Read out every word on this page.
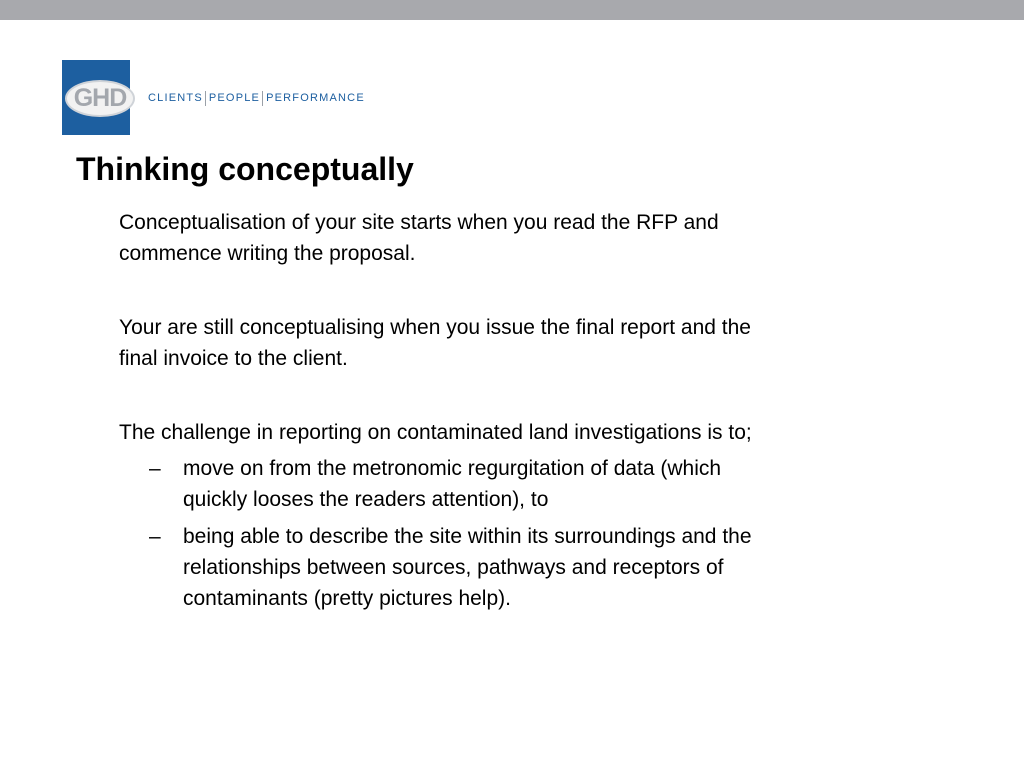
GHD	CLIENTS PEOPLE PERFORMANCE
Thinking conceptually

Conceptualisation of your site starts when you read the RFP and commence writing the proposal.

Your are still conceptualising when you issue the final report and the final invoice to the client.

The challenge in reporting on contaminated land investigations is to;

– move on from the metronomic regurgitation of data (which quickly looses the readers attention), to
– being able to describe the site within its surroundings and the relationships between sources, pathways and receptors of contaminants (pretty pictures help).
